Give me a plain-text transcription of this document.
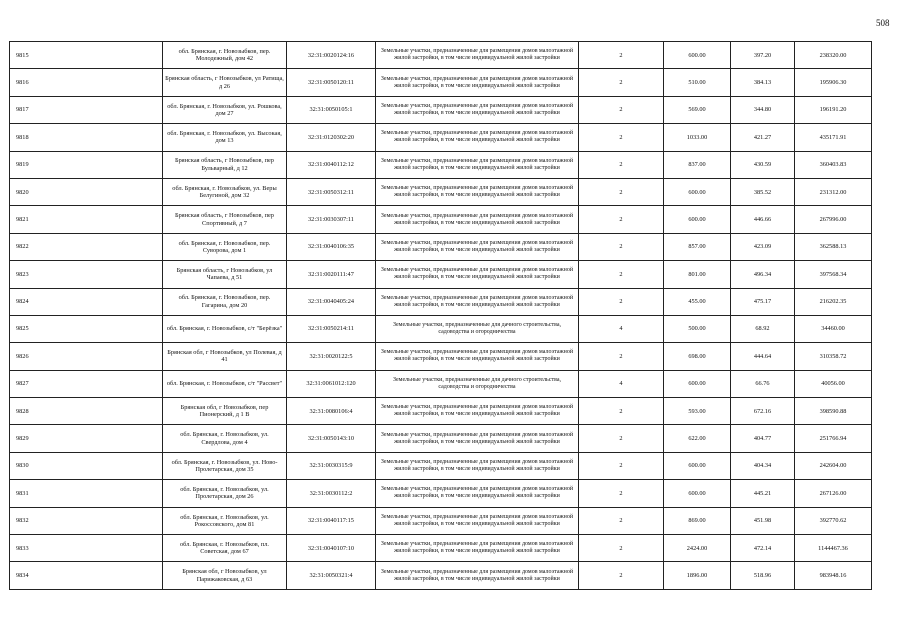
508
9815	обл. Брянская, г. Новозыбков, пер. Молодежный, дом 42	32:31:0020124:16	Земельные участки, предназначенные для размещения домов малоэтажной жилой застройки, в том числе индивидуальной жилой застройки	2	600.00	397.20	238320.00
9816	Брянская область, г Новозыбков, ул Ратища, д 26	32:31:0050120:11	Земельные участки, предназначенные для размещения домов малоэтажной жилой застройки, в том числе индивидуальной жилой застройки	2	510.00	384.13	195906.30
9817	обл. Брянская, г. Новозыбков, ул. Рошкова, дом 27	32:31:0050105:1	Земельные участки, предназначенные для размещения домов малоэтажной жилой застройки, в том числе индивидуальной жилой застройки	2	569.00	344.80	196191.20
9818	обл. Брянская, г. Новозыбков, ул. Высокая, дом 13	32:31:0120302:20	Земельные участки, предназначенные для размещения домов малоэтажной жилой застройки, в том числе индивидуальной жилой застройки	2	1033.00	421.27	435171.91
9819	Брянская область, г Новозыбков, пер Бульварный, д 12	32:31:0040112:12	Земельные участки, предназначенные для размещения домов малоэтажной жилой застройки, в том числе индивидуальной жилой застройки	2	837.00	430.59	360403.83
9820	обл. Брянская, г. Новозыбков, ул. Веры Белугиной, дом 32	32:31:0050312:11	Земельные участки, предназначенные для размещения домов малоэтажной жилой застройки, в том числе индивидуальной жилой застройки	2	600.00	385.52	231312.00
9821	Брянская область, г Новозыбков, пер Спортивный, д 7	32:31:0030307:11	Земельные участки, предназначенные для размещения домов малоэтажной жилой застройки, в том числе индивидуальной жилой застройки	2	600.00	446.66	267996.00
9822	обл. Брянская, г. Новозыбков, пер. Суворова, дом 1	32:31:0040106:35	Земельные участки, предназначенные для размещения домов малоэтажной жилой застройки, в том числе индивидуальной жилой застройки	2	857.00	423.09	362588.13
9823	Брянская область, г Новозыбков, ул Чапаева, д 51	32:31:0020111:47	Земельные участки, предназначенные для размещения домов малоэтажной жилой застройки, в том числе индивидуальной жилой застройки	2	801.00	496.34	397568.34
9824	обл. Брянская, г. Новозыбков, пер. Гагарина, дом 20	32:31:0040405:24	Земельные участки, предназначенные для размещения домов малоэтажной жилой застройки, в том числе индивидуальной жилой застройки	2	455.00	475.17	216202.35
9825	обл. Брянская, г. Новозыбков, с/т "Берёзка"	32:31:0050214:11	Земельные участки, предназначенные для дачного строительства, садоводства и огородничества	4	500.00	68.92	34460.00
9826	Брянская обл, г Новозыбков, ул Полевая, д 41	32:31:0020122:5	Земельные участки, предназначенные для размещения домов малоэтажной жилой застройки, в том числе индивидуальной жилой застройки	2	698.00	444.64	310358.72
9827	обл. Брянская, г. Новозыбков, с/т "Рассвет"	32:31:0061012:120	Земельные участки, предназначенные для дачного строительства, садоводства и огородничества	4	600.00	66.76	40056.00
9828	Брянская обл, г Новозыбков, пер Пионерский, д 1 В	32:31:0080106:4	Земельные участки, предназначенные для размещения домов малоэтажной жилой застройки, в том числе индивидуальной жилой застройки	2	593.00	672.16	398590.88
9829	обл. Брянская, г. Новозыбков, ул. Свердлова, дом 4	32:31:0050143:10	Земельные участки, предназначенные для размещения домов малоэтажной жилой застройки, в том числе индивидуальной жилой застройки	2	622.00	404.77	251766.94
9830	обл. Брянская, г. Новозыбков, ул. Ново-Пролетарская, дом 35	32:31:0030315:9	Земельные участки, предназначенные для размещения домов малоэтажной жилой застройки, в том числе индивидуальной жилой застройки	2	600.00	404.34	242604.00
9831	обл. Брянская, г. Новозыбков, ул. Пролетарская, дом 26	32:31:0030112:2	Земельные участки, предназначенные для размещения домов малоэтажной жилой застройки, в том числе индивидуальной жилой застройки	2	600.00	445.21	267126.00
9832	обл. Брянская, г. Новозыбков, ул. Рокоссовского, дом 81	32:31:0040117:15	Земельные участки, предназначенные для размещения домов малоэтажной жилой застройки, в том числе индивидуальной жилой застройки	2	869.00	451.98	392770.62
9833	обл. Брянская, г. Новозыбков, пл. Советская, дом 67	32:31:0040107:10	Земельные участки, предназначенные для размещения домов малоэтажной жилой застройки, в том числе индивидуальной жилой застройки	2	2424.00	472.14	1144467.36
9834	Брянская обл, г Новозыбков, ул Парижаковская, д 63	32:31:0050321:4	Земельные участки, предназначенные для размещения домов малоэтажной жилой застройки, в том числе индивидуальной жилой застройки	2	1896.00	518.96	983948.16
